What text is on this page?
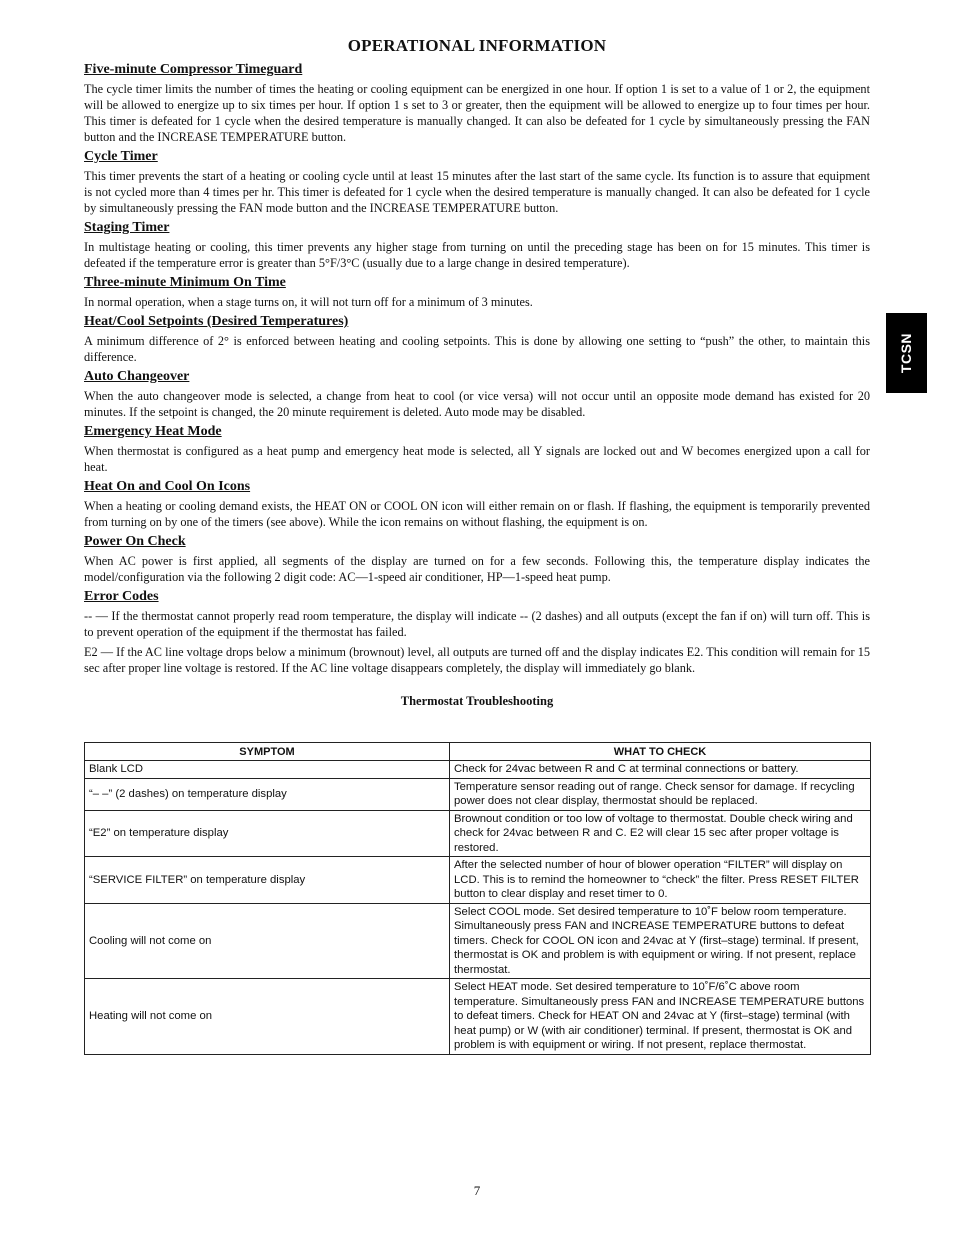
OPERATIONAL INFORMATION
Five-minute Compressor Timeguard

The cycle timer limits the number of times the heating or cooling equipment can be energized in one hour. If option 1 is set to a value of 1 or 2, the equipment will be allowed to energize up to six times per hour. If option 1 s set to 3 or greater, then the equipment will be allowed to energize up to four times per hour. This timer is defeated for 1 cycle when the desired temperature is manually changed. It can also be defeated for 1 cycle by simultaneously pressing the FAN button and the INCREASE TEMPERATURE button.

Cycle Timer

This timer prevents the start of a heating or cooling cycle until at least 15 minutes after the last start of the same cycle. Its function is to assure that equipment is not cycled more than 4 times per hr. This timer is defeated for 1 cycle when the desired temperature is manually changed. It can also be defeated for 1 cycle by simultaneously pressing the FAN mode button and the INCREASE TEMPERATURE button.

Staging Timer

In multistage heating or cooling, this timer prevents any higher stage from turning on until the preceding stage has been on for 15 minutes. This timer is defeated if the temperature error is greater than 5°F/3°C (usually due to a large change in desired temperature).

Three-minute Minimum On Time

In normal operation, when a stage turns on, it will not turn off for a minimum of 3 minutes.

Heat/Cool Setpoints (Desired Temperatures)

A minimum difference of 2° is enforced between heating and cooling setpoints. This is done by allowing one setting to “push” the other, to maintain this difference.

Auto Changeover

When the auto changeover mode is selected, a change from heat to cool (or vice versa) will not occur until an opposite mode demand has existed for 20 minutes. If the setpoint is changed, the 20 minute requirement is deleted. Auto mode may be disabled.

Emergency Heat Mode

When thermostat is configured as a heat pump and emergency heat mode is selected, all Y signals are locked out and W becomes energized upon a call for heat.

Heat On and Cool On Icons

When a heating or cooling demand exists, the HEAT ON or COOL ON icon will either remain on or flash. If flashing, the equipment is temporarily prevented from turning on by one of the timers (see above). While the icon remains on without flashing, the equipment is on.

Power On Check

When AC power is first applied, all segments of the display are turned on for a few seconds. Following this, the temperature display indicates the model/configuration via the following 2 digit code: AC—1-speed air conditioner, HP—1-speed heat pump.

Error Codes

-- — If the thermostat cannot properly read room temperature, the display will indicate -- (2 dashes) and all outputs (except the fan if on) will turn off. This is to prevent operation of the equipment if the thermostat has failed.

E2 — If the AC line voltage drops below a minimum (brownout) level, all outputs are turned off and the display indicates E2. This condition will remain for 15 sec after proper line voltage is restored. If the AC line voltage disappears completely, the display will immediately go blank.

Thermostat Troubleshooting
SYMPTOM	WHAT TO CHECK
Blank LCD	Check for 24vac between R and C at terminal connections or battery.
“– –” (2 dashes) on temperature display	Temperature sensor reading out of range. Check sensor for damage. If recycling power does not clear display, thermostat should be replaced.
“E2” on temperature display	Brownout condition or too low of voltage to thermostat. Double check wiring and check for 24vac between R and C. E2 will clear 15 sec after proper voltage is restored.
“SERVICE FILTER” on temperature display	After the selected number of hour of blower operation “FILTER” will display on LCD. This is to remind the homeowner to “check” the filter. Press RESET FILTER button to clear display and reset timer to 0.
Cooling will not come on	Select COOL mode. Set desired temperature to 10˚F below room temperature. Simultaneously press FAN and INCREASE TEMPERATURE buttons to defeat timers. Check for COOL ON icon and 24vac at Y (first–stage) terminal. If present, thermostat is OK and problem is with equipment or wiring. If not present, replace thermostat.
Heating will not come on	Select HEAT mode. Set desired temperature to 10˚F/6˚C above room temperature. Simultaneously press FAN and INCREASE TEMPERATURE buttons to defeat timers. Check for HEAT ON and 24vac at Y (first–stage) terminal (with heat pump) or W (with air conditioner) terminal. If present, thermostat is OK and problem is with equipment or wiring. If not present, replace thermostat.
TCSN
7
